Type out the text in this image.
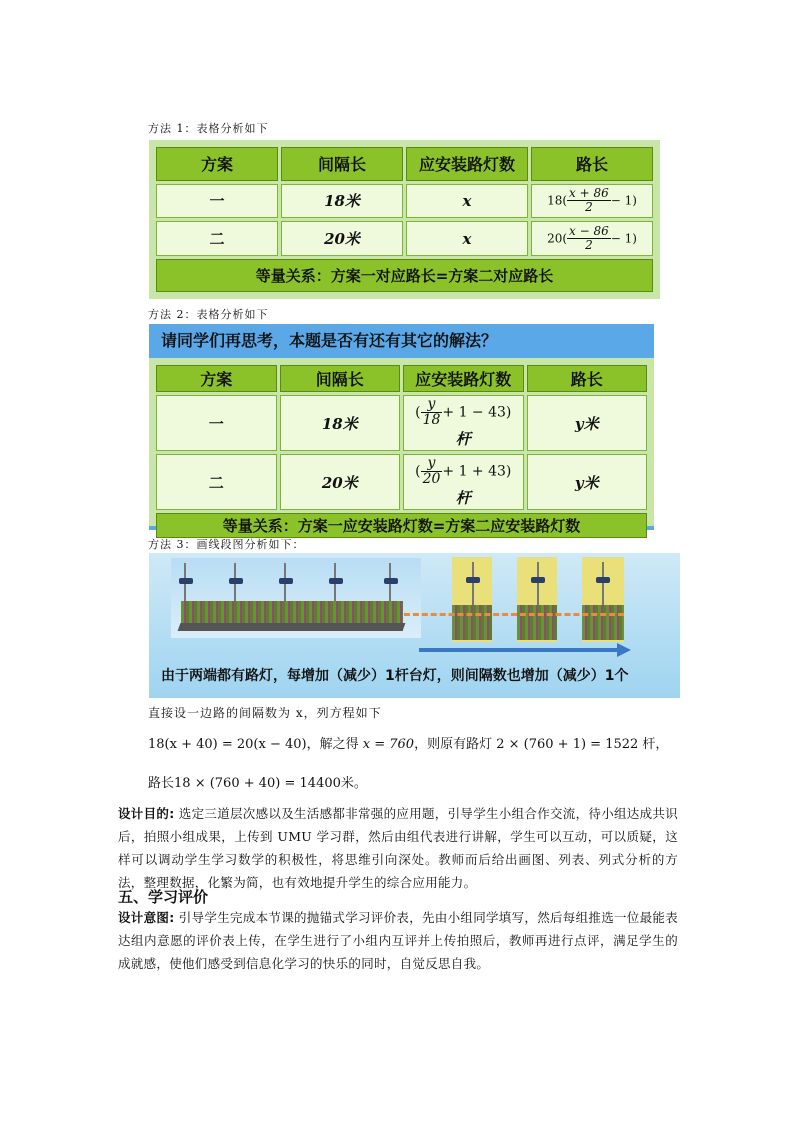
方法 1：表格分析如下
方案	间隔长	应安装路灯数	路长
一	18米	x	$18( \frac{x + 86}{2} - 1)$
二	20米	x	$20( \frac{x - 86}{2} - 1)$
等量关系：方案一对应路长=方案二对应路长			
方法 2：表格分析如下
请同学们再思考，本题是否有还有其它的解法？
方案	间隔长	应安装路灯数	路长
一	18米	( $\frac{y}{18} + 1 - 43$) 杆	y米
二	20米	( $\frac{y}{20} + 1 + 43$) 杆	y米
等量关系：方案一应安装路灯数=方案二应安装路灯数			
方法 3：画线段图分析如下：
由于两端都有路灯，每增加（减少）1杆台灯，则间隔数也增加（减少）1个
直接设一边路的间隔数为 x，列方程如下
18(x + 40) = 20(x − 40)，解之得 x = 760，则原有路灯 2 × (760 + 1) = 1522 杆，
路长18 × (760 + 40) = 14400米。
设计目的: 选定三道层次感以及生活感都非常强的应用题，引导学生小组合作交流，待小组达成共识后，拍照小组成果，上传到 UMU 学习群，然后由组代表进行讲解，学生可以互动，可以质疑，这样可以调动学生学习数学的积极性，将思维引向深处。教师而后给出画图、列表、列式分析的方法，整理数据，化繁为简，也有效地提升学生的综合应用能力。
五、学习评价
设计意图: 引导学生完成本节课的抛锚式学习评价表，先由小组同学填写，然后每组推选一位最能表达组内意愿的评价表上传，在学生进行了小组内互评并上传拍照后，教师再进行点评，满足学生的成就感，使他们感受到信息化学习的快乐的同时，自觉反思自我。
